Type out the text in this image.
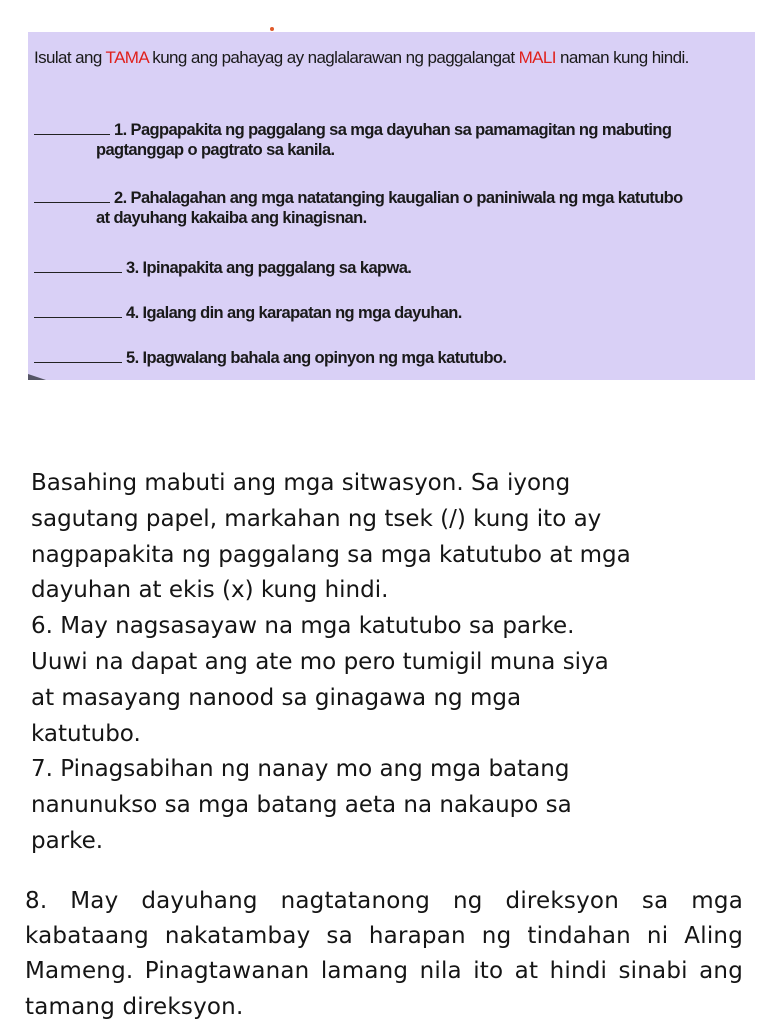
Isulat ang TAMA kung ang pahayag ay naglalarawan ng paggalangat MALI naman kung hindi.
1. Pagpapakita ng paggalang sa mga dayuhan sa pamamagitan ng mabuting
pagtanggap o pagtrato sa kanila.
2. Pahalagahan ang mga natatanging kaugalian o paniniwala ng mga katutubo
at dayuhang kakaiba ang kinagisnan.
3. Ipinapakita ang paggalang sa kapwa.
4. Igalang din ang karapatan ng mga dayuhan.
5. Ipagwalang bahala ang opinyon ng mga katutubo.
Basahing mabuti ang mga sitwasyon. Sa iyong
sagutang papel, markahan ng tsek (/) kung ito ay
nagpapakita ng paggalang sa mga katutubo at mga
dayuhan at ekis (x) kung hindi.
6. May nagsasayaw na mga katutubo sa parke.
Uuwi na dapat ang ate mo pero tumigil muna siya
at masayang nanood sa ginagawa ng mga
katutubo.
7. Pinagsabihan ng nanay mo ang mga batang
nanunukso sa mga batang aeta na nakaupo sa
parke.
8. May dayuhang nagtatanong ng direksyon sa mga kabataang nakatambay sa harapan ng tindahan ni Aling Mameng. Pinagtawanan lamang nila ito at hindi sinabi ang tamang direksyon.
